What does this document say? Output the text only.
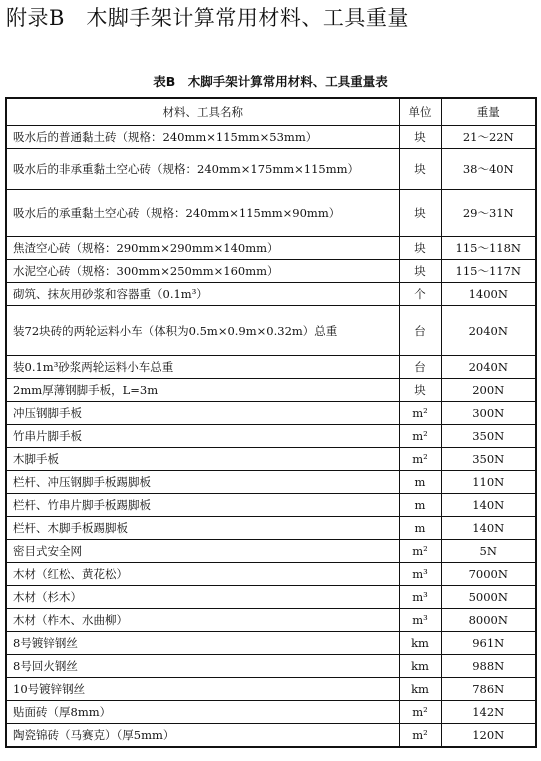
附录B　木脚手架计算常用材料、工具重量
表B　木脚手架计算常用材料、工具重量表
材料、工具名称	单位	重量
吸水后的普通黏土砖（规格：240mm×115mm×53mm）	块	21～22N
吸水后的非承重黏土空心砖（规格：240mm×175mm×115mm）	块	38～40N
吸水后的承重黏土空心砖（规格：240mm×115mm×90mm）	块	29～31N
焦渣空心砖（规格：290mm×290mm×140mm）	块	115～118N
水泥空心砖（规格：300mm×250mm×160mm）	块	115～117N
砌筑、抹灰用砂浆和容器重（0.1m³）	个	1400N
装72块砖的两轮运料小车（体积为0.5m×0.9m×0.32m）总重	台	2040N
装0.1m³砂浆两轮运料小车总重	台	2040N
2mm厚薄钢脚手板，L=3m	块	200N
冲压钢脚手板	m²	300N
竹串片脚手板	m²	350N
木脚手板	m²	350N
栏杆、冲压钢脚手板踢脚板	m	110N
栏杆、竹串片脚手板踢脚板	m	140N
栏杆、木脚手板踢脚板	m	140N
密目式安全网	m²	5N
木材（红松、黄花松）	m³	7000N
木材（杉木）	m³	5000N
木材（柞木、水曲柳）	m³	8000N
8号镀锌钢丝	km	961N
8号回火钢丝	km	988N
10号镀锌钢丝	km	786N
贴面砖（厚8mm）	m²	142N
陶瓷锦砖（马赛克）（厚5mm）	m²	120N
